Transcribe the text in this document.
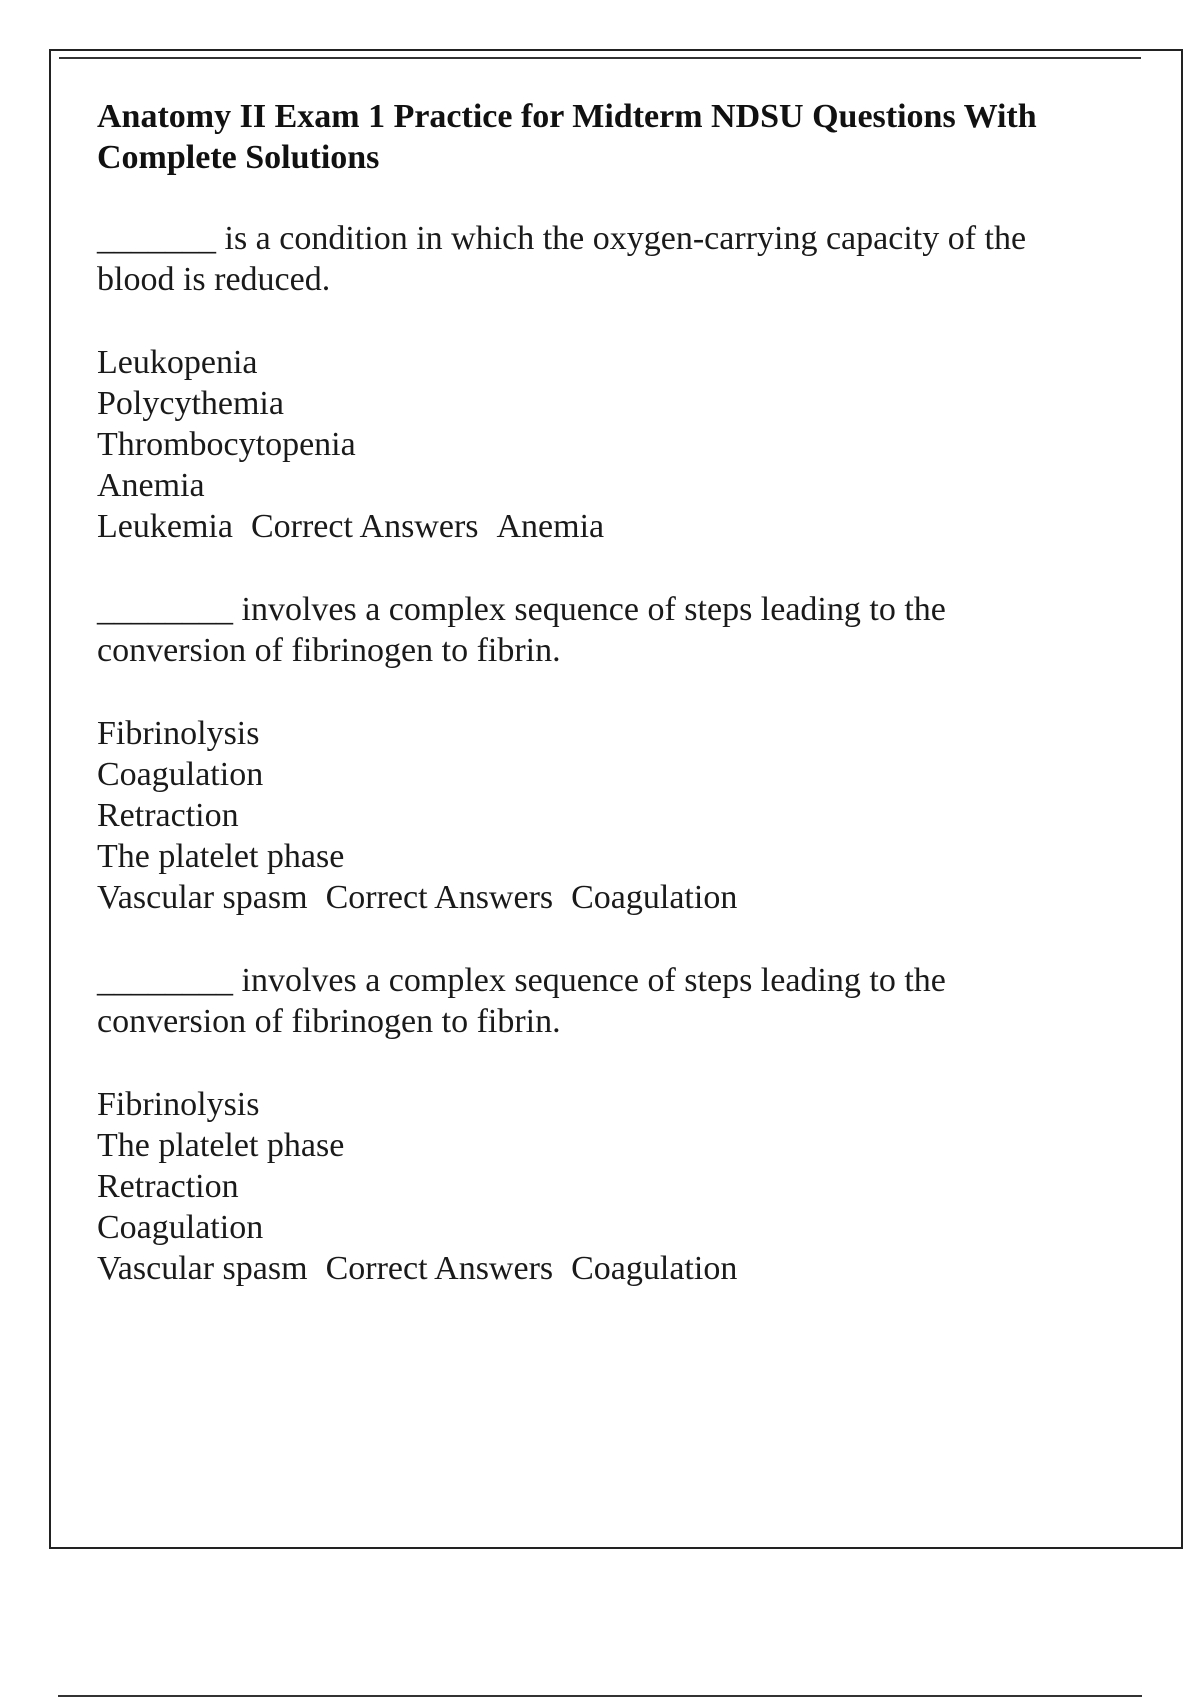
Anatomy II Exam 1 Practice for Midterm NDSU Questions With Complete Solutions

_______ is a condition in which the oxygen-carrying capacity of the blood is reduced.

Leukopenia

Polycythemia

Thrombocytopenia

Anemia

Leukemia Correct Answers Anemia

________ involves a complex sequence of steps leading to the conversion of fibrinogen to fibrin.

Fibrinolysis

Coagulation

Retraction

The platelet phase

Vascular spasm Correct Answers Coagulation

________ involves a complex sequence of steps leading to the conversion of fibrinogen to fibrin.

Fibrinolysis

The platelet phase

Retraction

Coagulation

Vascular spasm Correct Answers Coagulation
